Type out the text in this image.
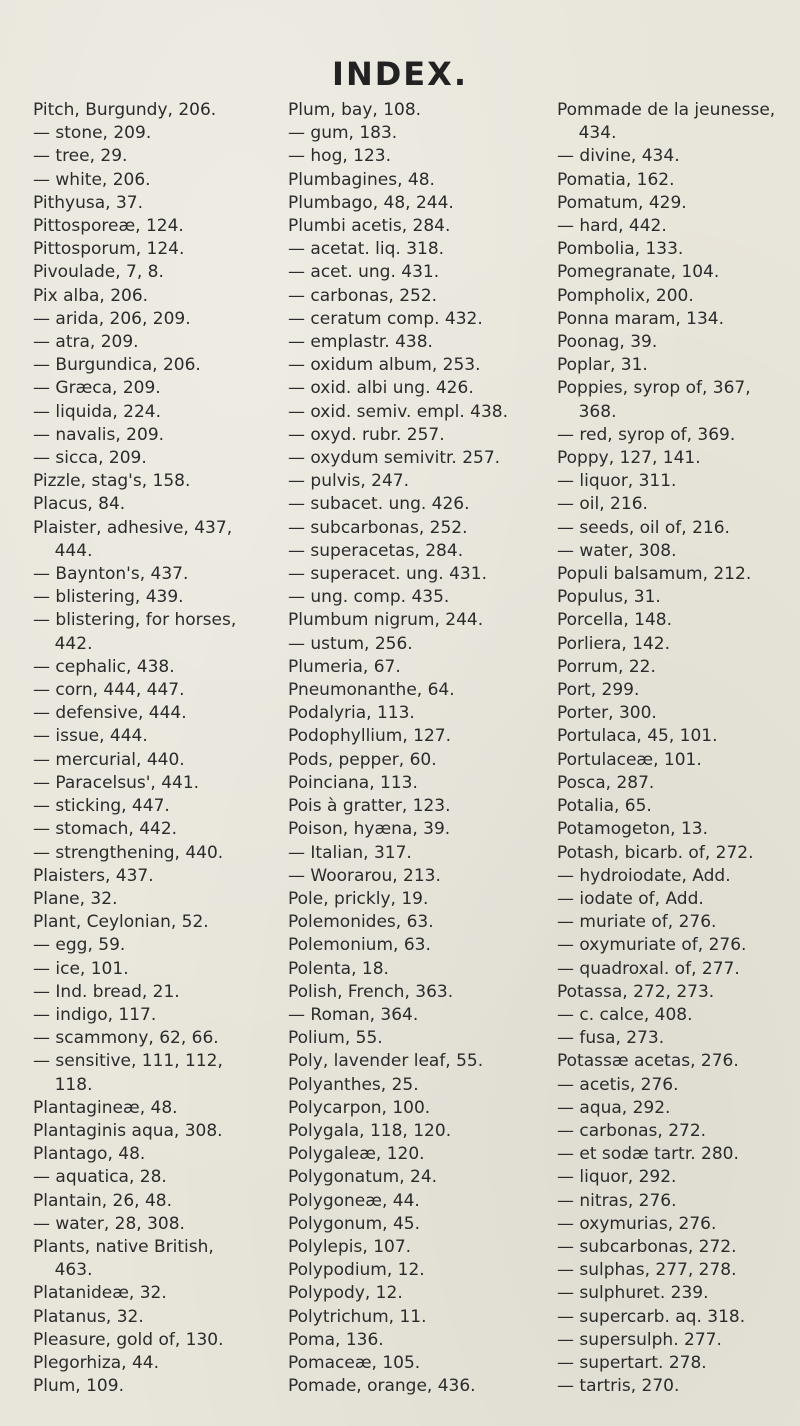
INDEX.
Pitch, Burgundy, 206.
— stone, 209.
— tree, 29.
— white, 206.
Pithyusa, 37.
Pittosporeæ, 124.
Pittosporum, 124.
Pivoulade, 7, 8.
Pix alba, 206.
— arida, 206, 209.
— atra, 209.
— Burgundica, 206.
— Græca, 209.
— liquida, 224.
— navalis, 209.
— sicca, 209.
Pizzle, stag's, 158.
Placus, 84.
Plaister, adhesive, 437,
444.
— Baynton's, 437.
— blistering, 439.
— blistering, for horses,
442.
— cephalic, 438.
— corn, 444, 447.
— defensive, 444.
— issue, 444.
— mercurial, 440.
— Paracelsus', 441.
— sticking, 447.
— stomach, 442.
— strengthening, 440.
Plaisters, 437.
Plane, 32.
Plant, Ceylonian, 52.
— egg, 59.
— ice, 101.
— Ind. bread, 21.
— indigo, 117.
— scammony, 62, 66.
— sensitive, 111, 112,
118.
Plantagineæ, 48.
Plantaginis aqua, 308.
Plantago, 48.
— aquatica, 28.
Plantain, 26, 48.
— water, 28, 308.
Plants, native British,
463.
Platanideæ, 32.
Platanus, 32.
Pleasure, gold of, 130.
Plegorhiza, 44.
Plum, 109.
Plum, bay, 108.
— gum, 183.
— hog, 123.
Plumbagines, 48.
Plumbago, 48, 244.
Plumbi acetis, 284.
— acetat. liq. 318.
— acet. ung. 431.
— carbonas, 252.
— ceratum comp. 432.
— emplastr. 438.
— oxidum album, 253.
— oxid. albi ung. 426.
— oxid. semiv. empl. 438.
— oxyd. rubr. 257.
— oxydum semivitr. 257.
— pulvis, 247.
— subacet. ung. 426.
— subcarbonas, 252.
— superacetas, 284.
— superacet. ung. 431.
— ung. comp. 435.
Plumbum nigrum, 244.
— ustum, 256.
Plumeria, 67.
Pneumonanthe, 64.
Podalyria, 113.
Podophyllium, 127.
Pods, pepper, 60.
Poinciana, 113.
Pois à gratter, 123.
Poison, hyæna, 39.
— Italian, 317.
— Woorarou, 213.
Pole, prickly, 19.
Polemonides, 63.
Polemonium, 63.
Polenta, 18.
Polish, French, 363.
— Roman, 364.
Polium, 55.
Poly, lavender leaf, 55.
Polyanthes, 25.
Polycarpon, 100.
Polygala, 118, 120.
Polygaleæ, 120.
Polygonatum, 24.
Polygoneæ, 44.
Polygonum, 45.
Polylepis, 107.
Polypodium, 12.
Polypody, 12.
Polytrichum, 11.
Poma, 136.
Pomaceæ, 105.
Pomade, orange, 436.
Pommade de la jeunesse,
434.
— divine, 434.
Pomatia, 162.
Pomatum, 429.
— hard, 442.
Pombolia, 133.
Pomegranate, 104.
Pompholix, 200.
Ponna maram, 134.
Poonag, 39.
Poplar, 31.
Poppies, syrop of, 367,
368.
— red, syrop of, 369.
Poppy, 127, 141.
— liquor, 311.
— oil, 216.
— seeds, oil of, 216.
— water, 308.
Populi balsamum, 212.
Populus, 31.
Porcella, 148.
Porliera, 142.
Porrum, 22.
Port, 299.
Porter, 300.
Portulaca, 45, 101.
Portulaceæ, 101.
Posca, 287.
Potalia, 65.
Potamogeton, 13.
Potash, bicarb. of, 272.
— hydroiodate, Add.
— iodate of, Add.
— muriate of, 276.
— oxymuriate of, 276.
— quadroxal. of, 277.
Potassa, 272, 273.
— c. calce, 408.
— fusa, 273.
Potassæ acetas, 276.
— acetis, 276.
— aqua, 292.
— carbonas, 272.
— et sodæ tartr. 280.
— liquor, 292.
— nitras, 276.
— oxymurias, 276.
— subcarbonas, 272.
— sulphas, 277, 278.
— sulphuret. 239.
— supercarb. aq. 318.
— supersulph. 277.
— supertart. 278.
— tartris, 270.
